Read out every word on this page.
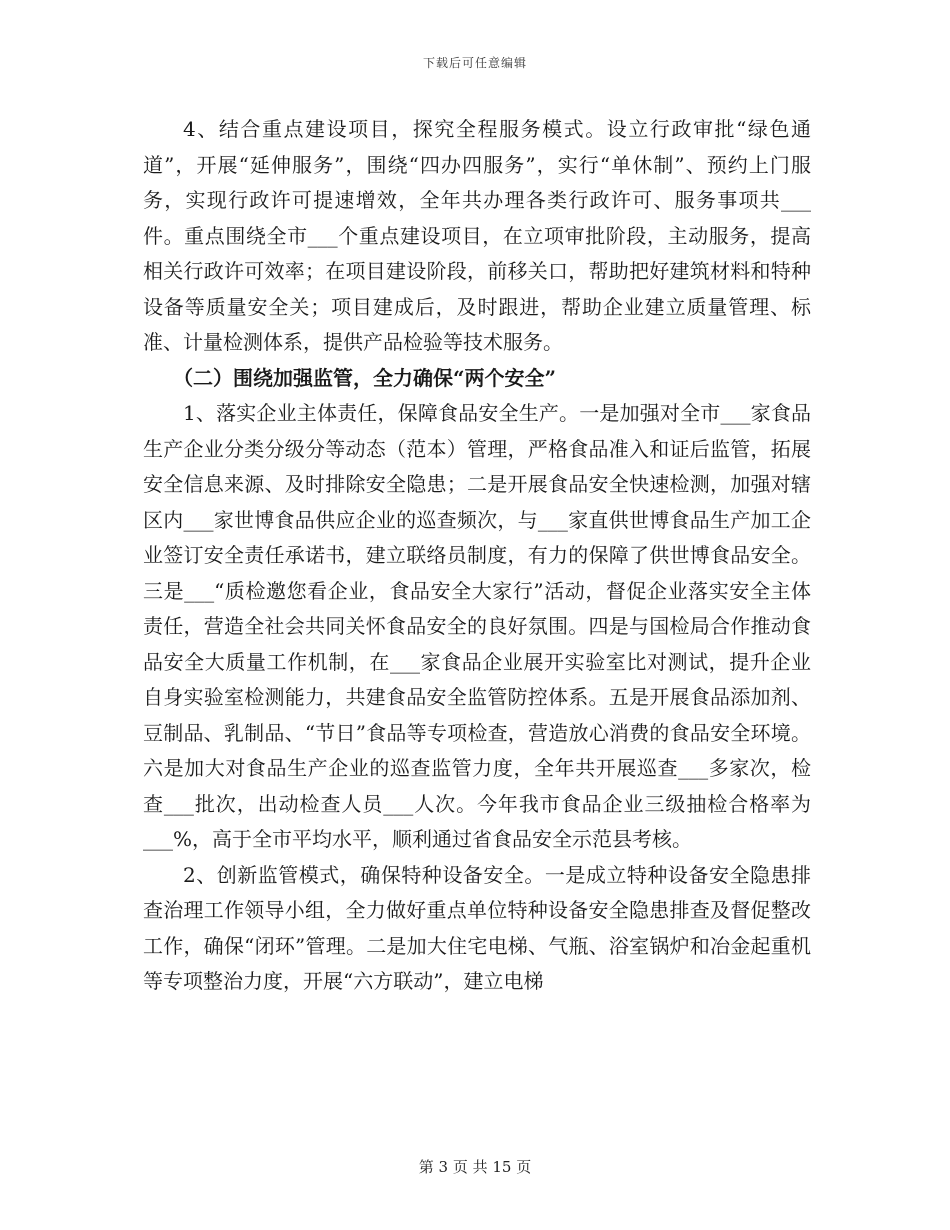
下载后可任意编辑

4、结合重点建设项目，探究全程服务模式。设立行政审批“绿色通道”，开展“延伸服务”，围绕“四办四服务”，实行“单休制”、预约上门服务，实现行政许可提速增效，全年共办理各类行政许可、服务事项共___件。重点围绕全市___个重点建设项目，在立项审批阶段，主动服务，提高相关行政许可效率；在项目建设阶段，前移关口，帮助把好建筑材料和特种设备等质量安全关；项目建成后，及时跟进，帮助企业建立质量管理、标准、计量检测体系，提供产品检验等技术服务。

（二）围绕加强监管，全力确保“两个安全”

1、落实企业主体责任，保障食品安全生产。一是加强对全市___家食品生产企业分类分级分等动态（范本）管理，严格食品准入和证后监管，拓展安全信息来源、及时排除安全隐患；二是开展食品安全快速检测，加强对辖区内___家世博食品供应企业的巡查频次，与___家直供世博食品生产加工企业签订安全责任承诺书，建立联络员制度，有力的保障了供世博食品安全。三是___“质检邀您看企业，食品安全大家行”活动，督促企业落实安全主体责任，营造全社会共同关怀食品安全的良好氛围。四是与国检局合作推动食品安全大质量工作机制，在___家食品企业展开实验室比对测试，提升企业自身实验室检测能力，共建食品安全监管防控体系。五是开展食品添加剂、豆制品、乳制品、“节日”食品等专项检查，营造放心消费的食品安全环境。六是加大对食品生产企业的巡查监管力度，全年共开展巡查___多家次，检查___批次，出动检查人员___人次。今年我市食品企业三级抽检合格率为___%，高于全市平均水平，顺利通过省食品安全示范县考核。

2、创新监管模式，确保特种设备安全。一是成立特种设备安全隐患排查治理工作领导小组，全力做好重点单位特种设备安全隐患排查及督促整改工作，确保“闭环”管理。二是加大住宅电梯、气瓶、浴室锅炉和冶金起重机等专项整治力度，开展“六方联动”，建立电梯

第 3 页 共 15 页
